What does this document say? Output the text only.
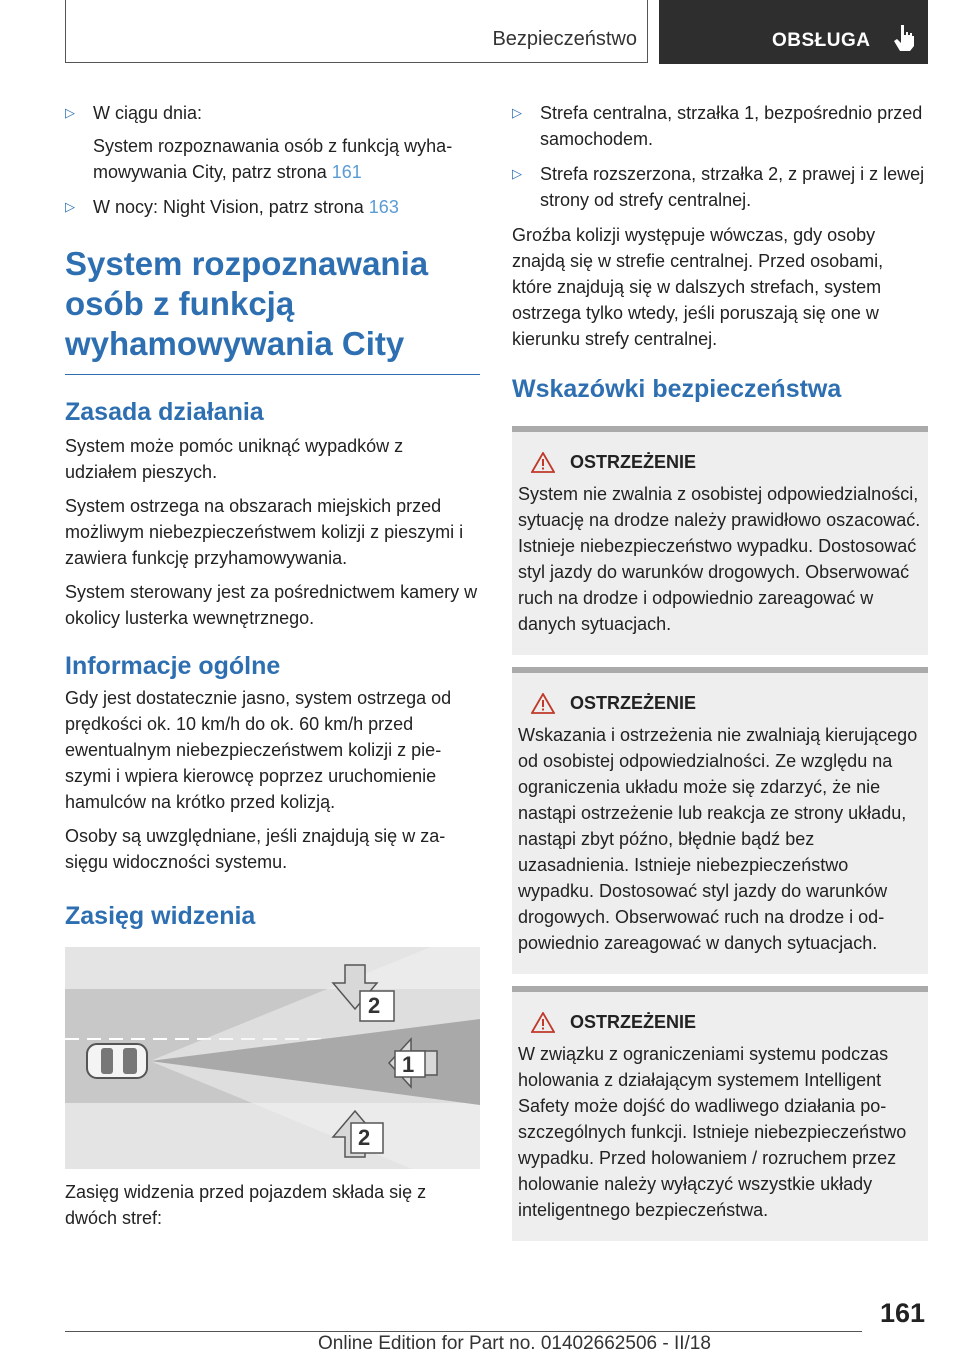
Bezpieczeństwo	OBSŁUGA
▷ W ciągu dnia:
System rozpoznawania osób z funkcją wyhamowywania City, patrz strona 161
▷ W nocy: Night Vision, patrz strona 163
System rozpoznawania osób z funkcją wyhamowywania City
Zasada działania

System może pomóc uniknąć wypadków z udziałem pieszych.

System ostrzega na obszarach miejskich przed możliwym niebezpieczeństwem kolizji z pieszymi i zawiera funkcję przyhamowywania.

System sterowany jest za pośrednictwem kamery w okolicy lusterka wewnętrznego.

Informacje ogólne

Gdy jest dostatecznie jasno, system ostrzega od prędkości ok. 10 km/h do ok. 60 km/h przed ewentualnym niebezpieczeństwem kolizji z pieszymi i wpiera kierowcę poprzez uruchomienie hamulców na krótko przed kolizją.

Osoby są uwzględniane, jeśli znajdują się w zasięgu widoczności systemu.

Zasięg widzenia
2
1
2

Zasięg widzenia przed pojazdem składa się z dwóch stref:

▷ Strefa centralna, strzałka 1, bezpośrednio przed samochodem.
▷ Strefa rozszerzona, strzałka 2, z prawej i z lewej strony od strefy centralnej.

Groźba kolizji występuje wówczas, gdy osoby znajdą się w strefie centralnej. Przed osobami, które znajdują się w dalszych strefach, system ostrzega tylko wtedy, jeśli poruszają się one w kierunku strefy centralnej.

Wskazówki bezpieczeństwa
OSTRZEŻENIE
System nie zwalnia z osobistej odpowiedzialności, sytuację na drodze należy prawidłowo oszacować. Istnieje niebezpieczeństwo wypadku. Dostosować styl jazdy do warunków drogowych. Obserwować ruch na drodze i odpowiednio zareagować w danych sytuacjach.
OSTRZEŻENIE
Wskazania i ostrzeżenia nie zwalniają kierującego od osobistej odpowiedzialności. Ze względu na ograniczenia układu może się zdarzyć, że nie nastąpi ostrzeżenie lub reakcja ze strony układu, nastąpi zbyt późno, błędnie bądź bez uzasadnienia. Istnieje niebezpieczeństwo wypadku. Dostosować styl jazdy do warunków drogowych. Obserwować ruch na drodze i odpowiednio zareagować w danych sytuacjach.
OSTRZEŻENIE
W związku z ograniczeniami systemu podczas holowania z działającym systemem Intelligent Safety może dojść do wadliwego działania poszczególnych funkcji. Istnieje niebezpieczeństwo wypadku. Przed holowaniem / rozruchem przez holowanie należy wyłączyć wszystkie układy inteligentnego bezpieczeństwa.
161
Online Edition for Part no. 01402662506 - II/18
